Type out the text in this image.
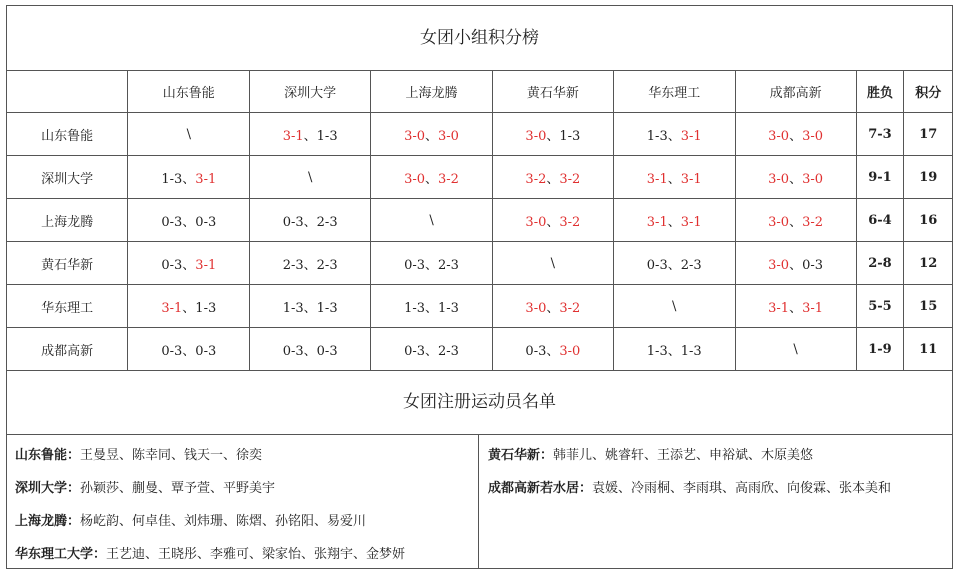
女团小组积分榜
	山东鲁能	深圳大学	上海龙腾	黄石华新	华东理工	成都高新	胜负	积分
山东鲁能	\	3-1、1-3	3-0、3-0	3-0、1-3	1-3、3-1	3-0、3-0	7-3	17
深圳大学	1-3、3-1	\	3-0、3-2	3-2、3-2	3-1、3-1	3-0、3-0	9-1	19
上海龙腾	0-3、0-3	0-3、2-3	\	3-0、3-2	3-1、3-1	3-0、3-2	6-4	16
黄石华新	0-3、3-1	2-3、2-3	0-3、2-3	\	0-3、2-3	3-0、0-3	2-8	12
华东理工	3-1、1-3	1-3、1-3	1-3、1-3	3-0、3-2	\	3-1、3-1	5-5	15
成都高新	0-3、0-3	0-3、0-3	0-3、2-3	0-3、3-0	1-3、1-3	\	1-9	11
女团注册运动员名单
山东鲁能：王曼昱、陈幸同、钱天一、徐奕
深圳大学：孙颖莎、蒯曼、覃予萱、平野美宇
上海龙腾：杨屹韵、何卓佳、刘炜珊、陈熠、孙铭阳、易爱川
华东理工大学：王艺迪、王晓彤、李雅可、梁家怡、张翔宇、金梦妍
黄石华新：韩菲儿、姚睿轩、王添艺、申裕斌、木原美悠
成都高新若水居：袁媛、冷雨桐、李雨琪、高雨欣、向俊霖、张本美和
